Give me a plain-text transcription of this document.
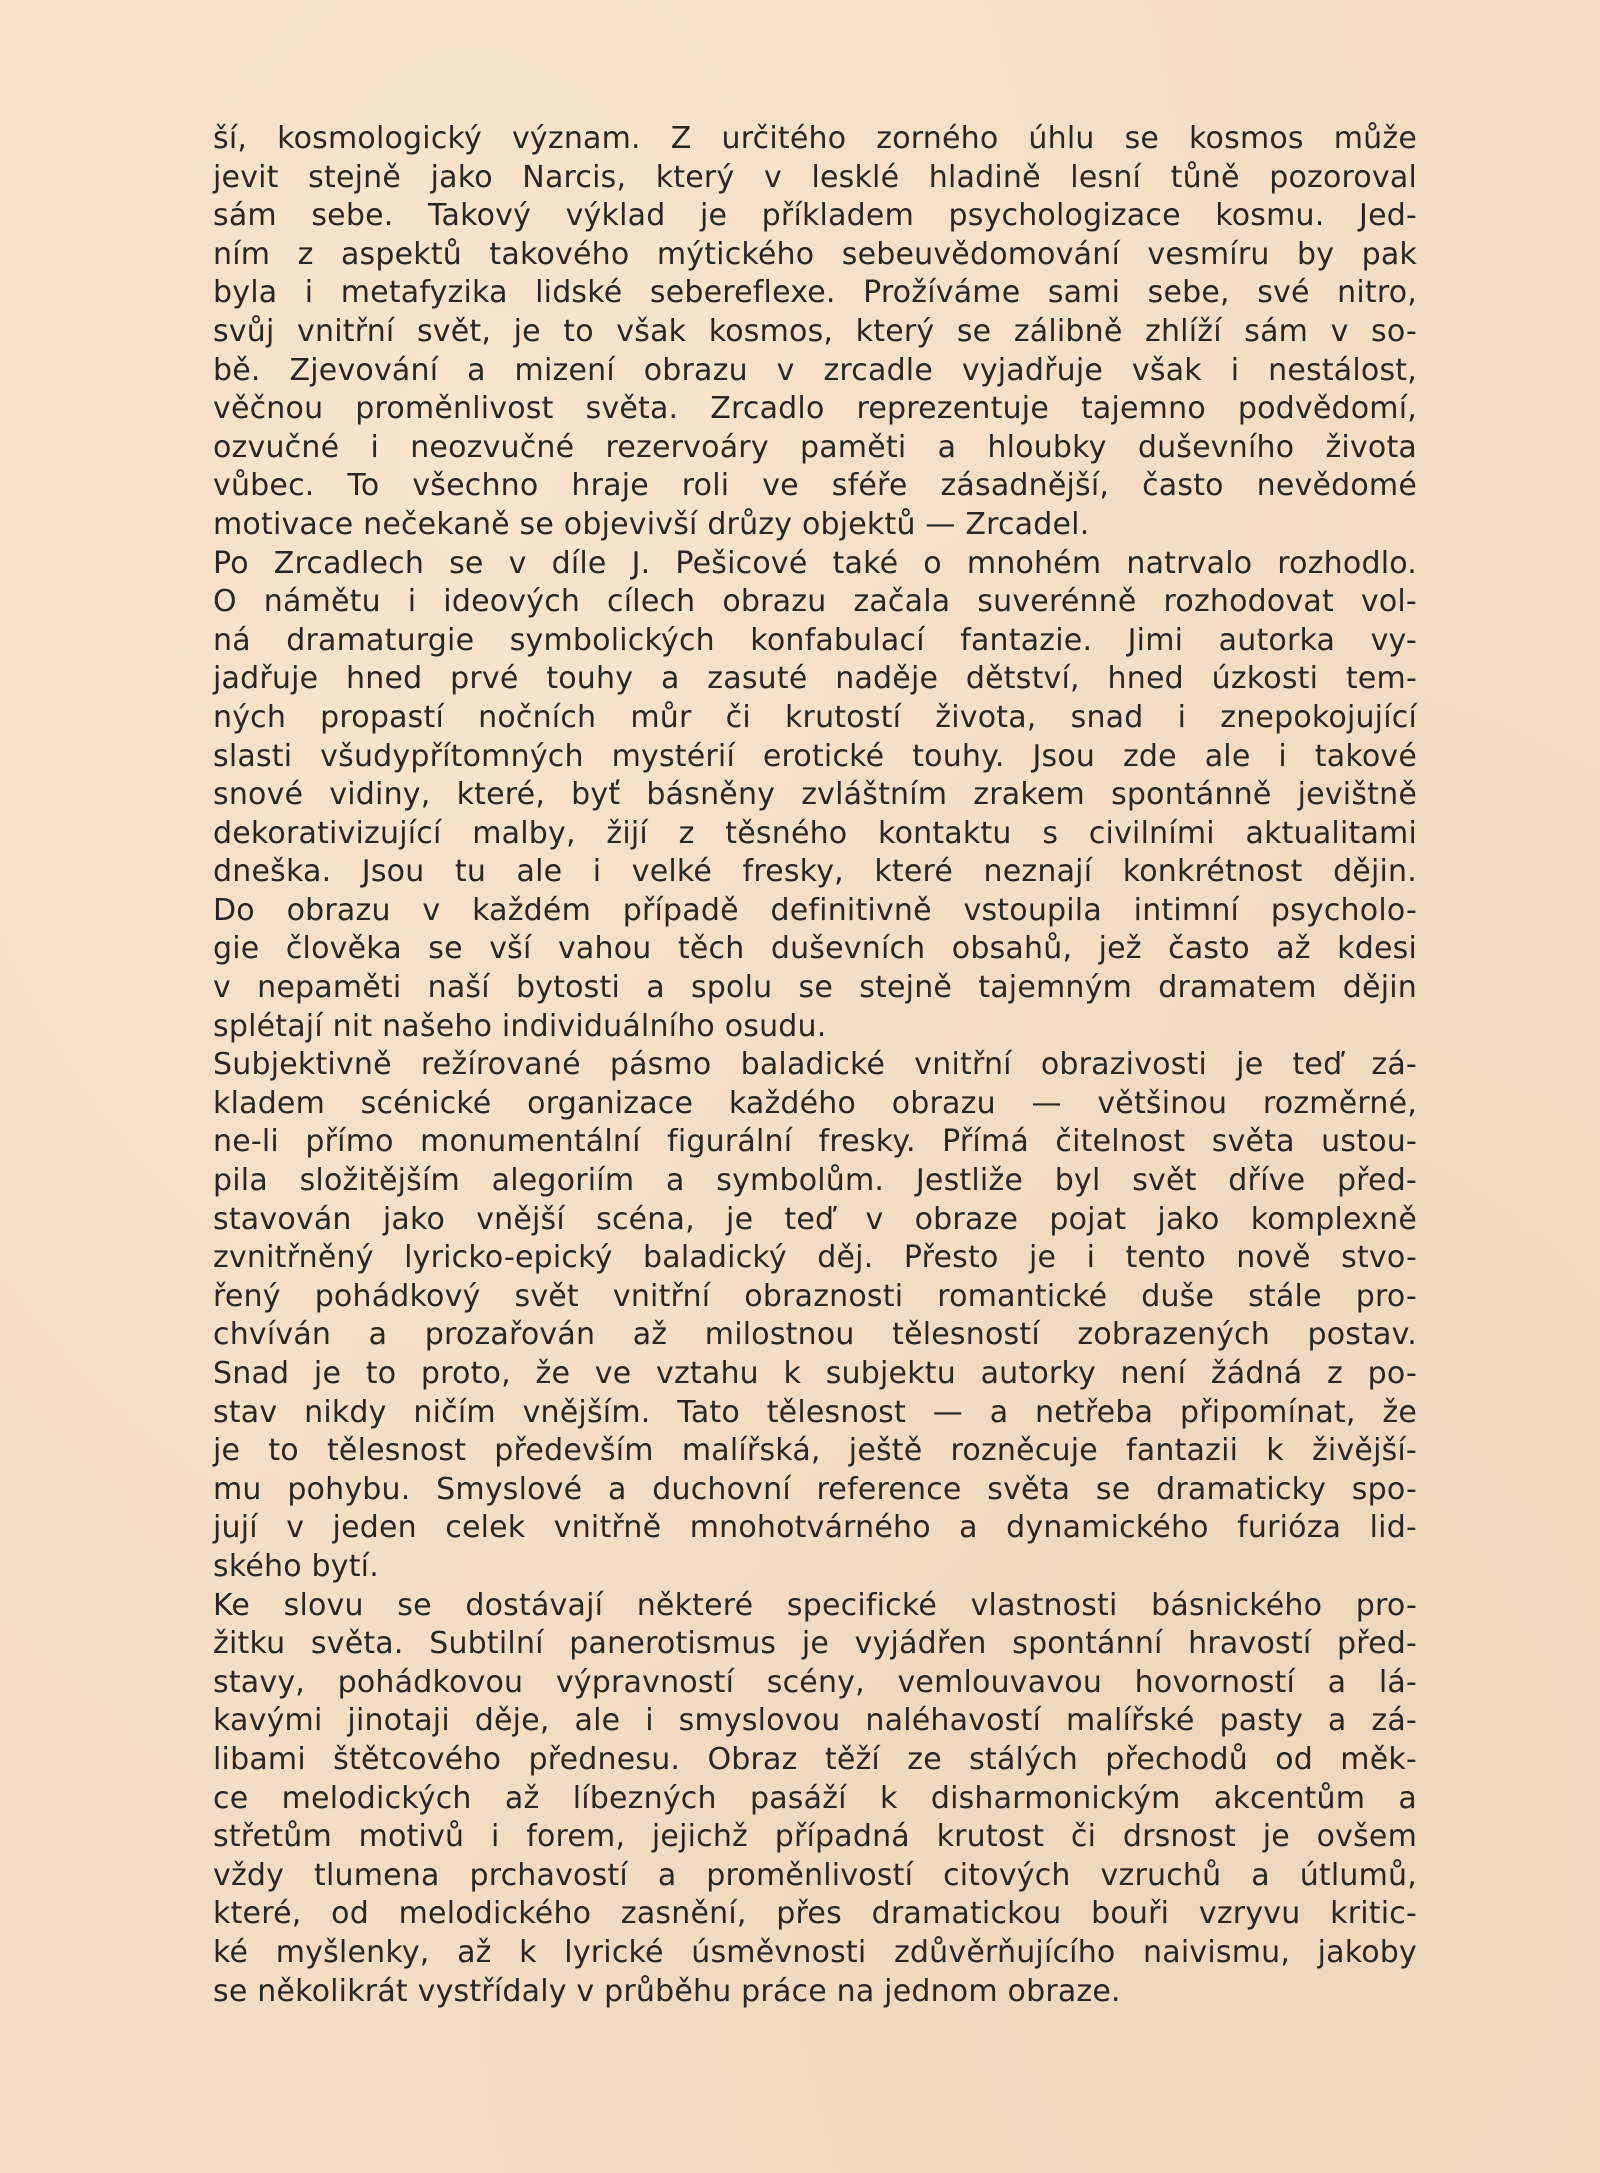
ší, kosmologický význam. Z určitého zorného úhlu se kosmos může
jevit stejně jako Narcis, který v lesklé hladině lesní tůně pozoroval
sám sebe. Takový výklad je příkladem psychologizace kosmu. Jed-
ním z aspektů takového mýtického sebeuvědomování vesmíru by pak
byla i metafyzika lidské sebereflexe. Prožíváme sami sebe, své nitro,
svůj vnitřní svět, je to však kosmos, který se zálibně zhlíží sám v so-
bě. Zjevování a mizení obrazu v zrcadle vyjadřuje však i nestálost,
věčnou proměnlivost světa. Zrcadlo reprezentuje tajemno podvědomí,
ozvučné i neozvučné rezervoáry paměti a hloubky duševního života
vůbec. To všechno hraje roli ve sféře zásadnější, často nevědomé
motivace nečekaně se objevivší drůzy objektů — Zrcadel.
Po Zrcadlech se v díle J. Pešicové také o mnohém natrvalo rozhodlo.
O námětu i ideových cílech obrazu začala suverénně rozhodovat vol-
ná dramaturgie symbolických konfabulací fantazie. Jimi autorka vy-
jadřuje hned prvé touhy a zasuté naděje dětství, hned úzkosti tem-
ných propastí nočních můr či krutostí života, snad i znepokojující
slasti všudypřítomných mystérií erotické touhy. Jsou zde ale i takové
snové vidiny, které, byť básněny zvláštním zrakem spontánně jevištně
dekorativizující malby, žijí z těsného kontaktu s civilními aktualitami
dneška. Jsou tu ale i velké fresky, které neznají konkrétnost dějin.
Do obrazu v každém případě definitivně vstoupila intimní psycholo-
gie člověka se vší vahou těch duševních obsahů, jež často až kdesi
v nepaměti naší bytosti a spolu se stejně tajemným dramatem dějin
splétají nit našeho individuálního osudu.
Subjektivně režírované pásmo baladické vnitřní obrazivosti je teď zá-
kladem scénické organizace každého obrazu — většinou rozměrné,
ne-li přímo monumentální figurální fresky. Přímá čitelnost světa ustou-
pila složitějším alegoriím a symbolům. Jestliže byl svět dříve před-
stavován jako vnější scéna, je teď v obraze pojat jako komplexně
zvnitřněný lyricko-epický baladický děj. Přesto je i tento nově stvo-
řený pohádkový svět vnitřní obraznosti romantické duše stále pro-
chvíván a prozařován až milostnou tělesností zobrazených postav.
Snad je to proto, že ve vztahu k subjektu autorky není žádná z po-
stav nikdy ničím vnějším. Tato tělesnost — a netřeba připomínat, že
je to tělesnost především malířská, ještě rozněcuje fantazii k živější-
mu pohybu. Smyslové a duchovní reference světa se dramaticky spo-
jují v jeden celek vnitřně mnohotvárného a dynamického furióza lid-
ského bytí.
Ke slovu se dostávají některé specifické vlastnosti básnického pro-
žitku světa. Subtilní panerotismus je vyjádřen spontánní hravostí před-
stavy, pohádkovou výpravností scény, vemlouvavou hovorností a lá-
kavými jinotaji děje, ale i smyslovou naléhavostí malířské pasty a zá-
libami štětcového přednesu. Obraz těží ze stálých přechodů od měk-
ce melodických až líbezných pasáží k disharmonickým akcentům a
střetům motivů i forem, jejichž případná krutost či drsnost je ovšem
vždy tlumena prchavostí a proměnlivostí citových vzruchů a útlumů,
které, od melodického zasnění, přes dramatickou bouři vzryvu kritic-
ké myšlenky, až k lyrické úsměvnosti zdůvěrňujícího naivismu, jakoby
se několikrát vystřídaly v průběhu práce na jednom obraze.
